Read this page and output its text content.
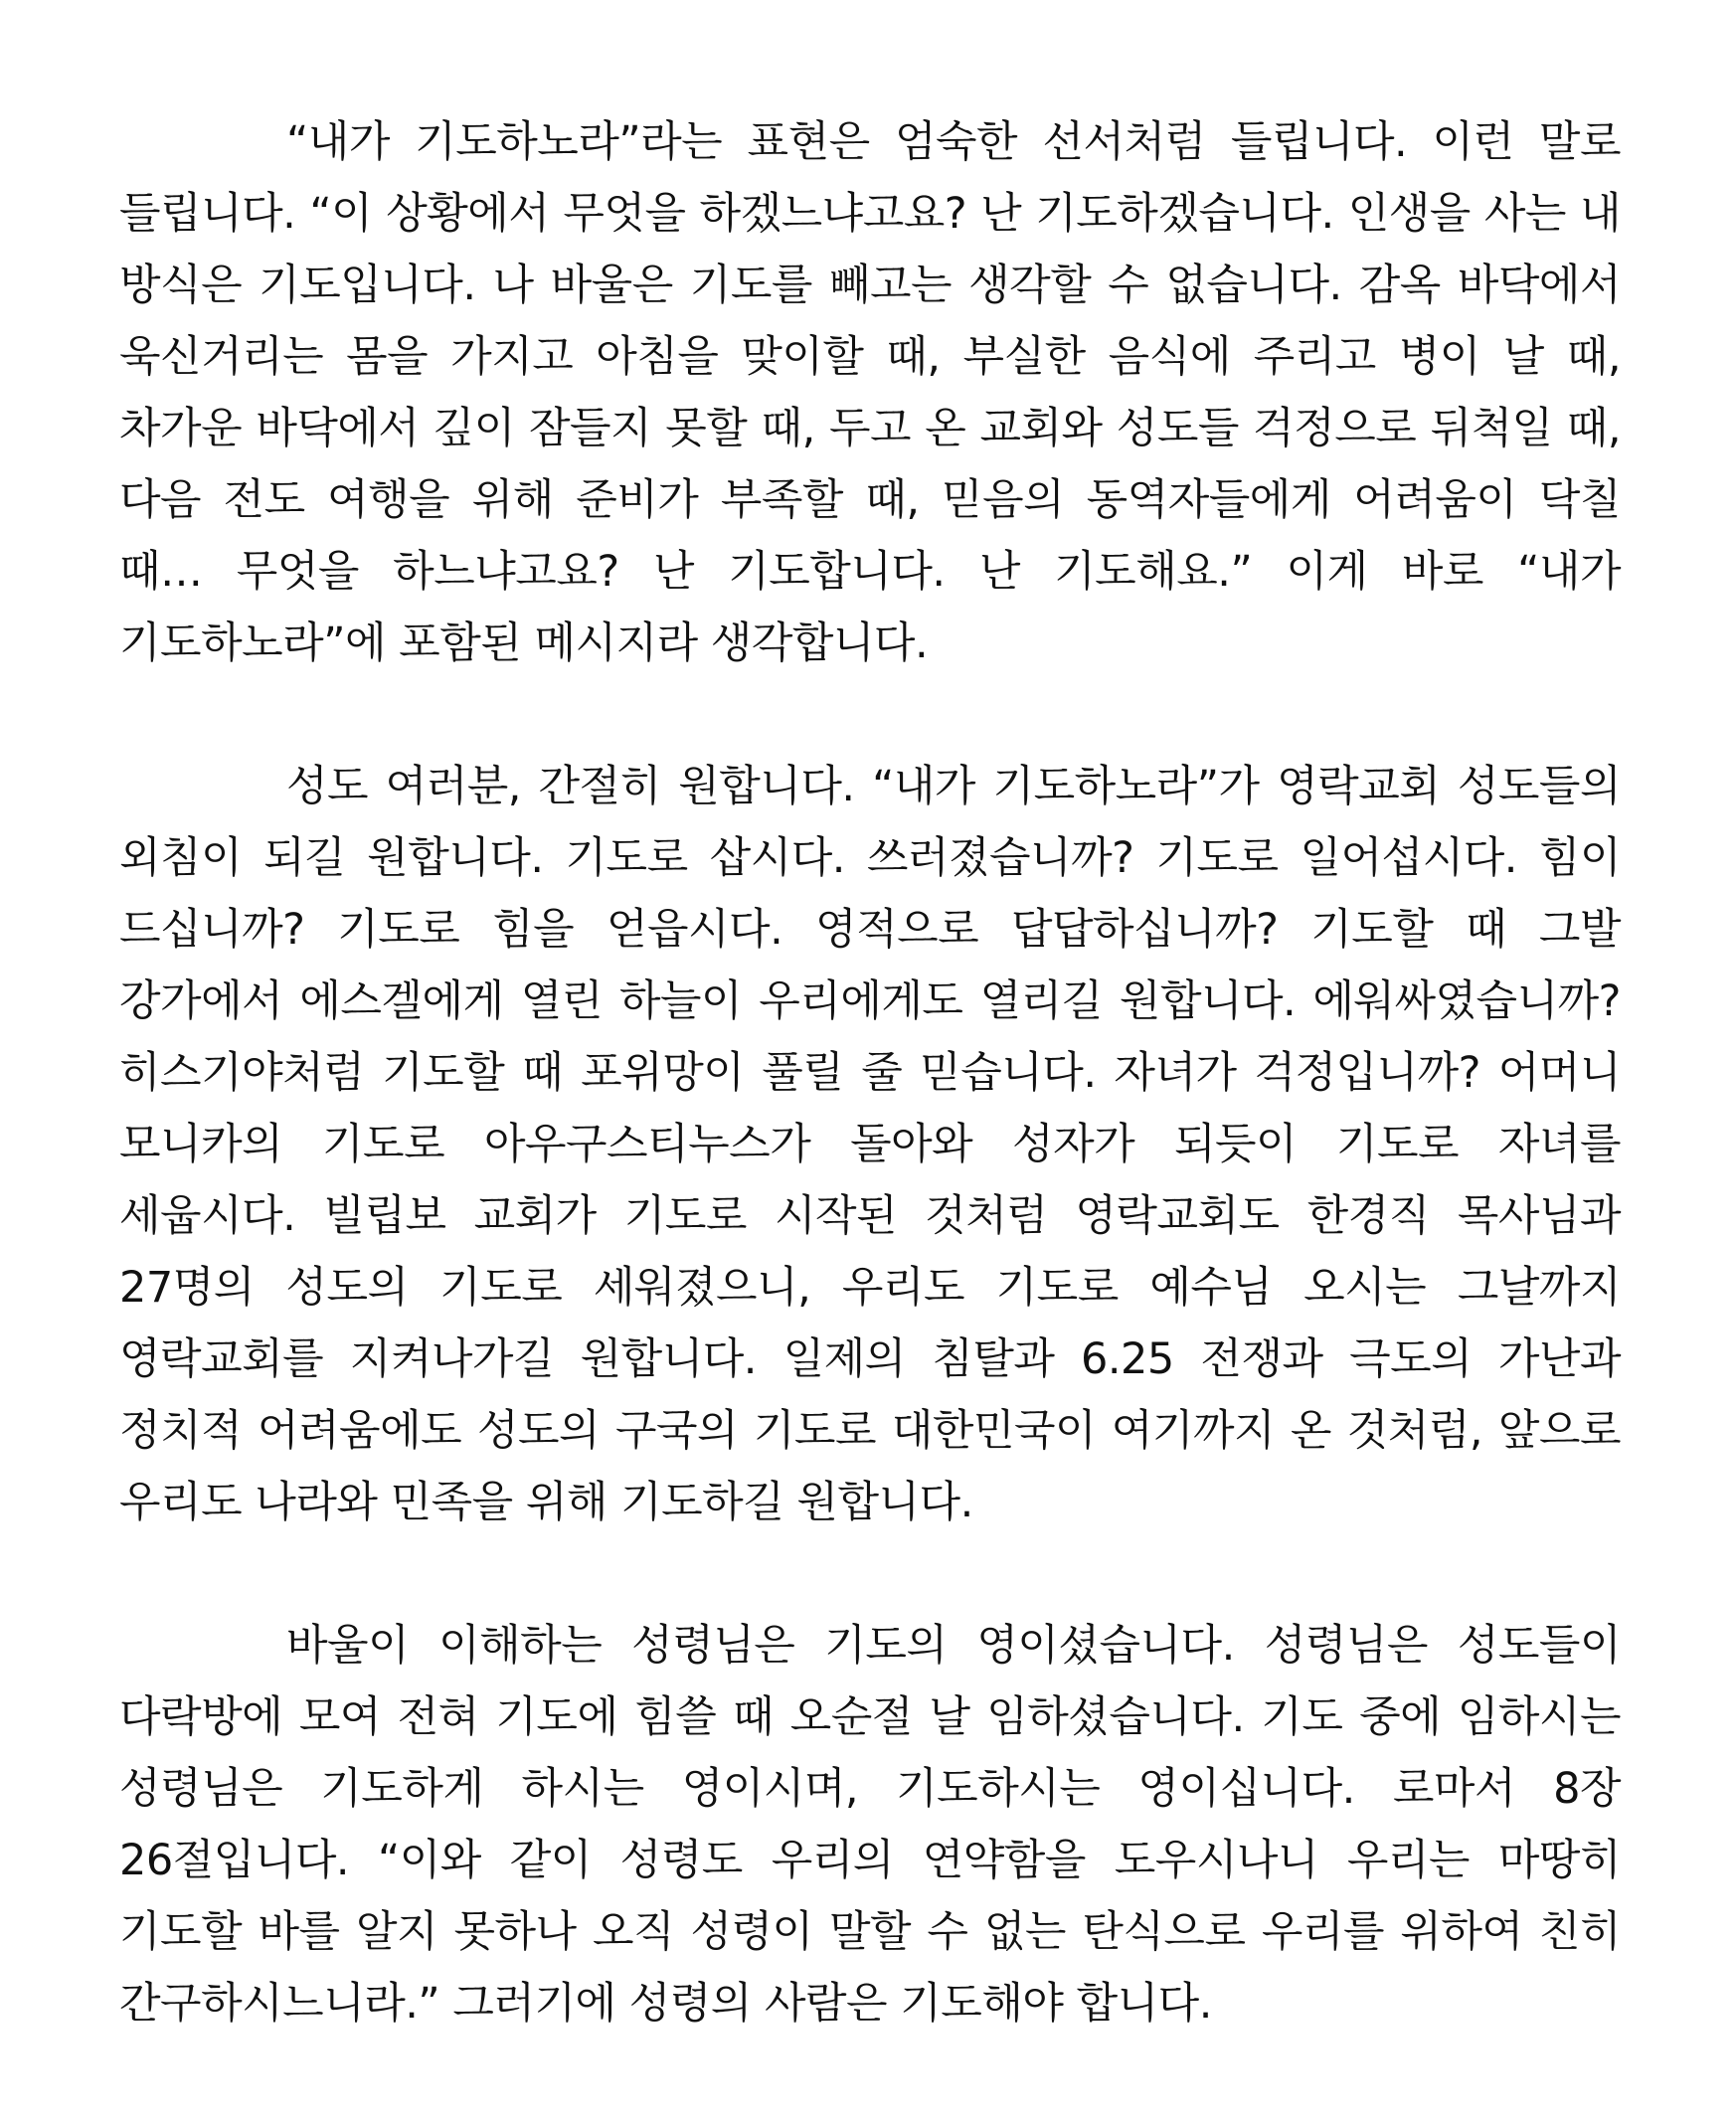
“내가 기도하노라”라는 표현은 엄숙한 선서처럼 들립니다. 이런 말로 들립니다. “이 상황에서 무엇을 하겠느냐고요? 난 기도하겠습니다. 인생을 사는 내 방식은 기도입니다. 나 바울은 기도를 빼고는 생각할 수 없습니다. 감옥 바닥에서 욱신거리는 몸을 가지고 아침을 맞이할 때, 부실한 음식에 주리고 병이 날 때, 차가운 바닥에서 깊이 잠들지 못할 때, 두고 온 교회와 성도들 걱정으로 뒤척일 때, 다음 전도 여행을 위해 준비가 부족할 때, 믿음의 동역자들에게 어려움이 닥칠 때… 무엇을 하느냐고요? 난 기도합니다. 난 기도해요.” 이게 바로 “내가 기도하노라”에 포함된 메시지라 생각합니다.

성도 여러분, 간절히 원합니다. “내가 기도하노라”가 영락교회 성도들의 외침이 되길 원합니다. 기도로 삽시다. 쓰러졌습니까? 기도로 일어섭시다. 힘이 드십니까? 기도로 힘을 얻읍시다. 영적으로 답답하십니까? 기도할 때 그발 강가에서 에스겔에게 열린 하늘이 우리에게도 열리길 원합니다. 에워싸였습니까? 히스기야처럼 기도할 때 포위망이 풀릴 줄 믿습니다. 자녀가 걱정입니까? 어머니 모니카의 기도로 아우구스티누스가 돌아와 성자가 되듯이 기도로 자녀를 세웁시다. 빌립보 교회가 기도로 시작된 것처럼 영락교회도 한경직 목사님과 27명의 성도의 기도로 세워졌으니, 우리도 기도로 예수님 오시는 그날까지 영락교회를 지켜나가길 원합니다. 일제의 침탈과 6.25 전쟁과 극도의 가난과 정치적 어려움에도 성도의 구국의 기도로 대한민국이 여기까지 온 것처럼, 앞으로 우리도 나라와 민족을 위해 기도하길 원합니다.

바울이 이해하는 성령님은 기도의 영이셨습니다. 성령님은 성도들이 다락방에 모여 전혀 기도에 힘쓸 때 오순절 날 임하셨습니다. 기도 중에 임하시는 성령님은 기도하게 하시는 영이시며, 기도하시는 영이십니다. 로마서 8장 26절입니다. “이와 같이 성령도 우리의 연약함을 도우시나니 우리는 마땅히 기도할 바를 알지 못하나 오직 성령이 말할 수 없는 탄식으로 우리를 위하여 친히 간구하시느니라.” 그러기에 성령의 사람은 기도해야 합니다.
